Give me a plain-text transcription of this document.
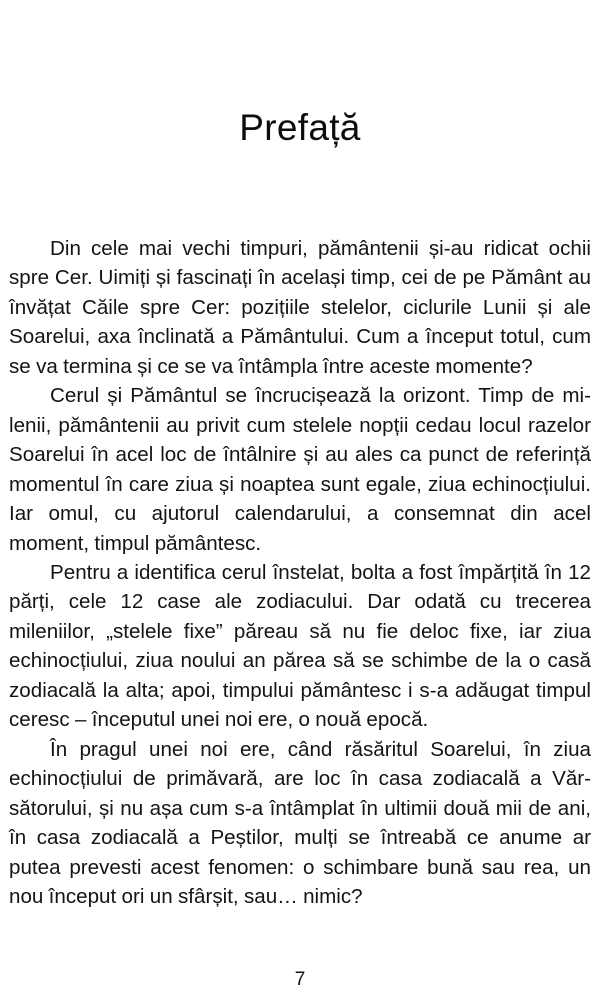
Prefață

Din cele mai vechi timpuri, pământenii și-au ridicat ochii spre Cer. Uimiți și fascinați în același timp, cei de pe Pământ au învățat Căile spre Cer: pozițiile stelelor, ciclurile Lunii și ale Soarelui, axa înclinată a Pământului. Cum a început totul, cum se va termina și ce se va întâmpla între aceste momente?

Cerul și Pământul se încrucișează la orizont. Timp de milenii, pământenii au privit cum stelele nopții cedau locul razelor Soarelui în acel loc de întâlnire și au ales ca punct de referință momentul în care ziua și noaptea sunt egale, ziua echinocțiului. Iar omul, cu ajutorul calendarului, a consemnat din acel moment, timpul pământesc.

Pentru a identifica cerul înstelat, bolta a fost împărțită în 12 părți, cele 12 case ale zodiacului. Dar odată cu trecerea mileniilor, „stelele fixe” păreau să nu fie deloc fixe, iar ziua echinocțiului, ziua noului an părea să se schimbe de la o casă zodiacală la alta; apoi, timpului pământesc i s-a adăugat timpul ceresc – începutul unei noi ere, o nouă epocă.

În pragul unei noi ere, când răsăritul Soarelui, în ziua echinocțiului de primăvară, are loc în casa zodiacală a Vărsătorului, și nu așa cum s-a întâmplat în ultimii două mii de ani, în casa zodiacală a Peștilor, mulți se întreabă ce anume ar putea prevesti acest fenomen: o schimbare bună sau rea, un nou început ori un sfârșit, sau… nimic?

7
